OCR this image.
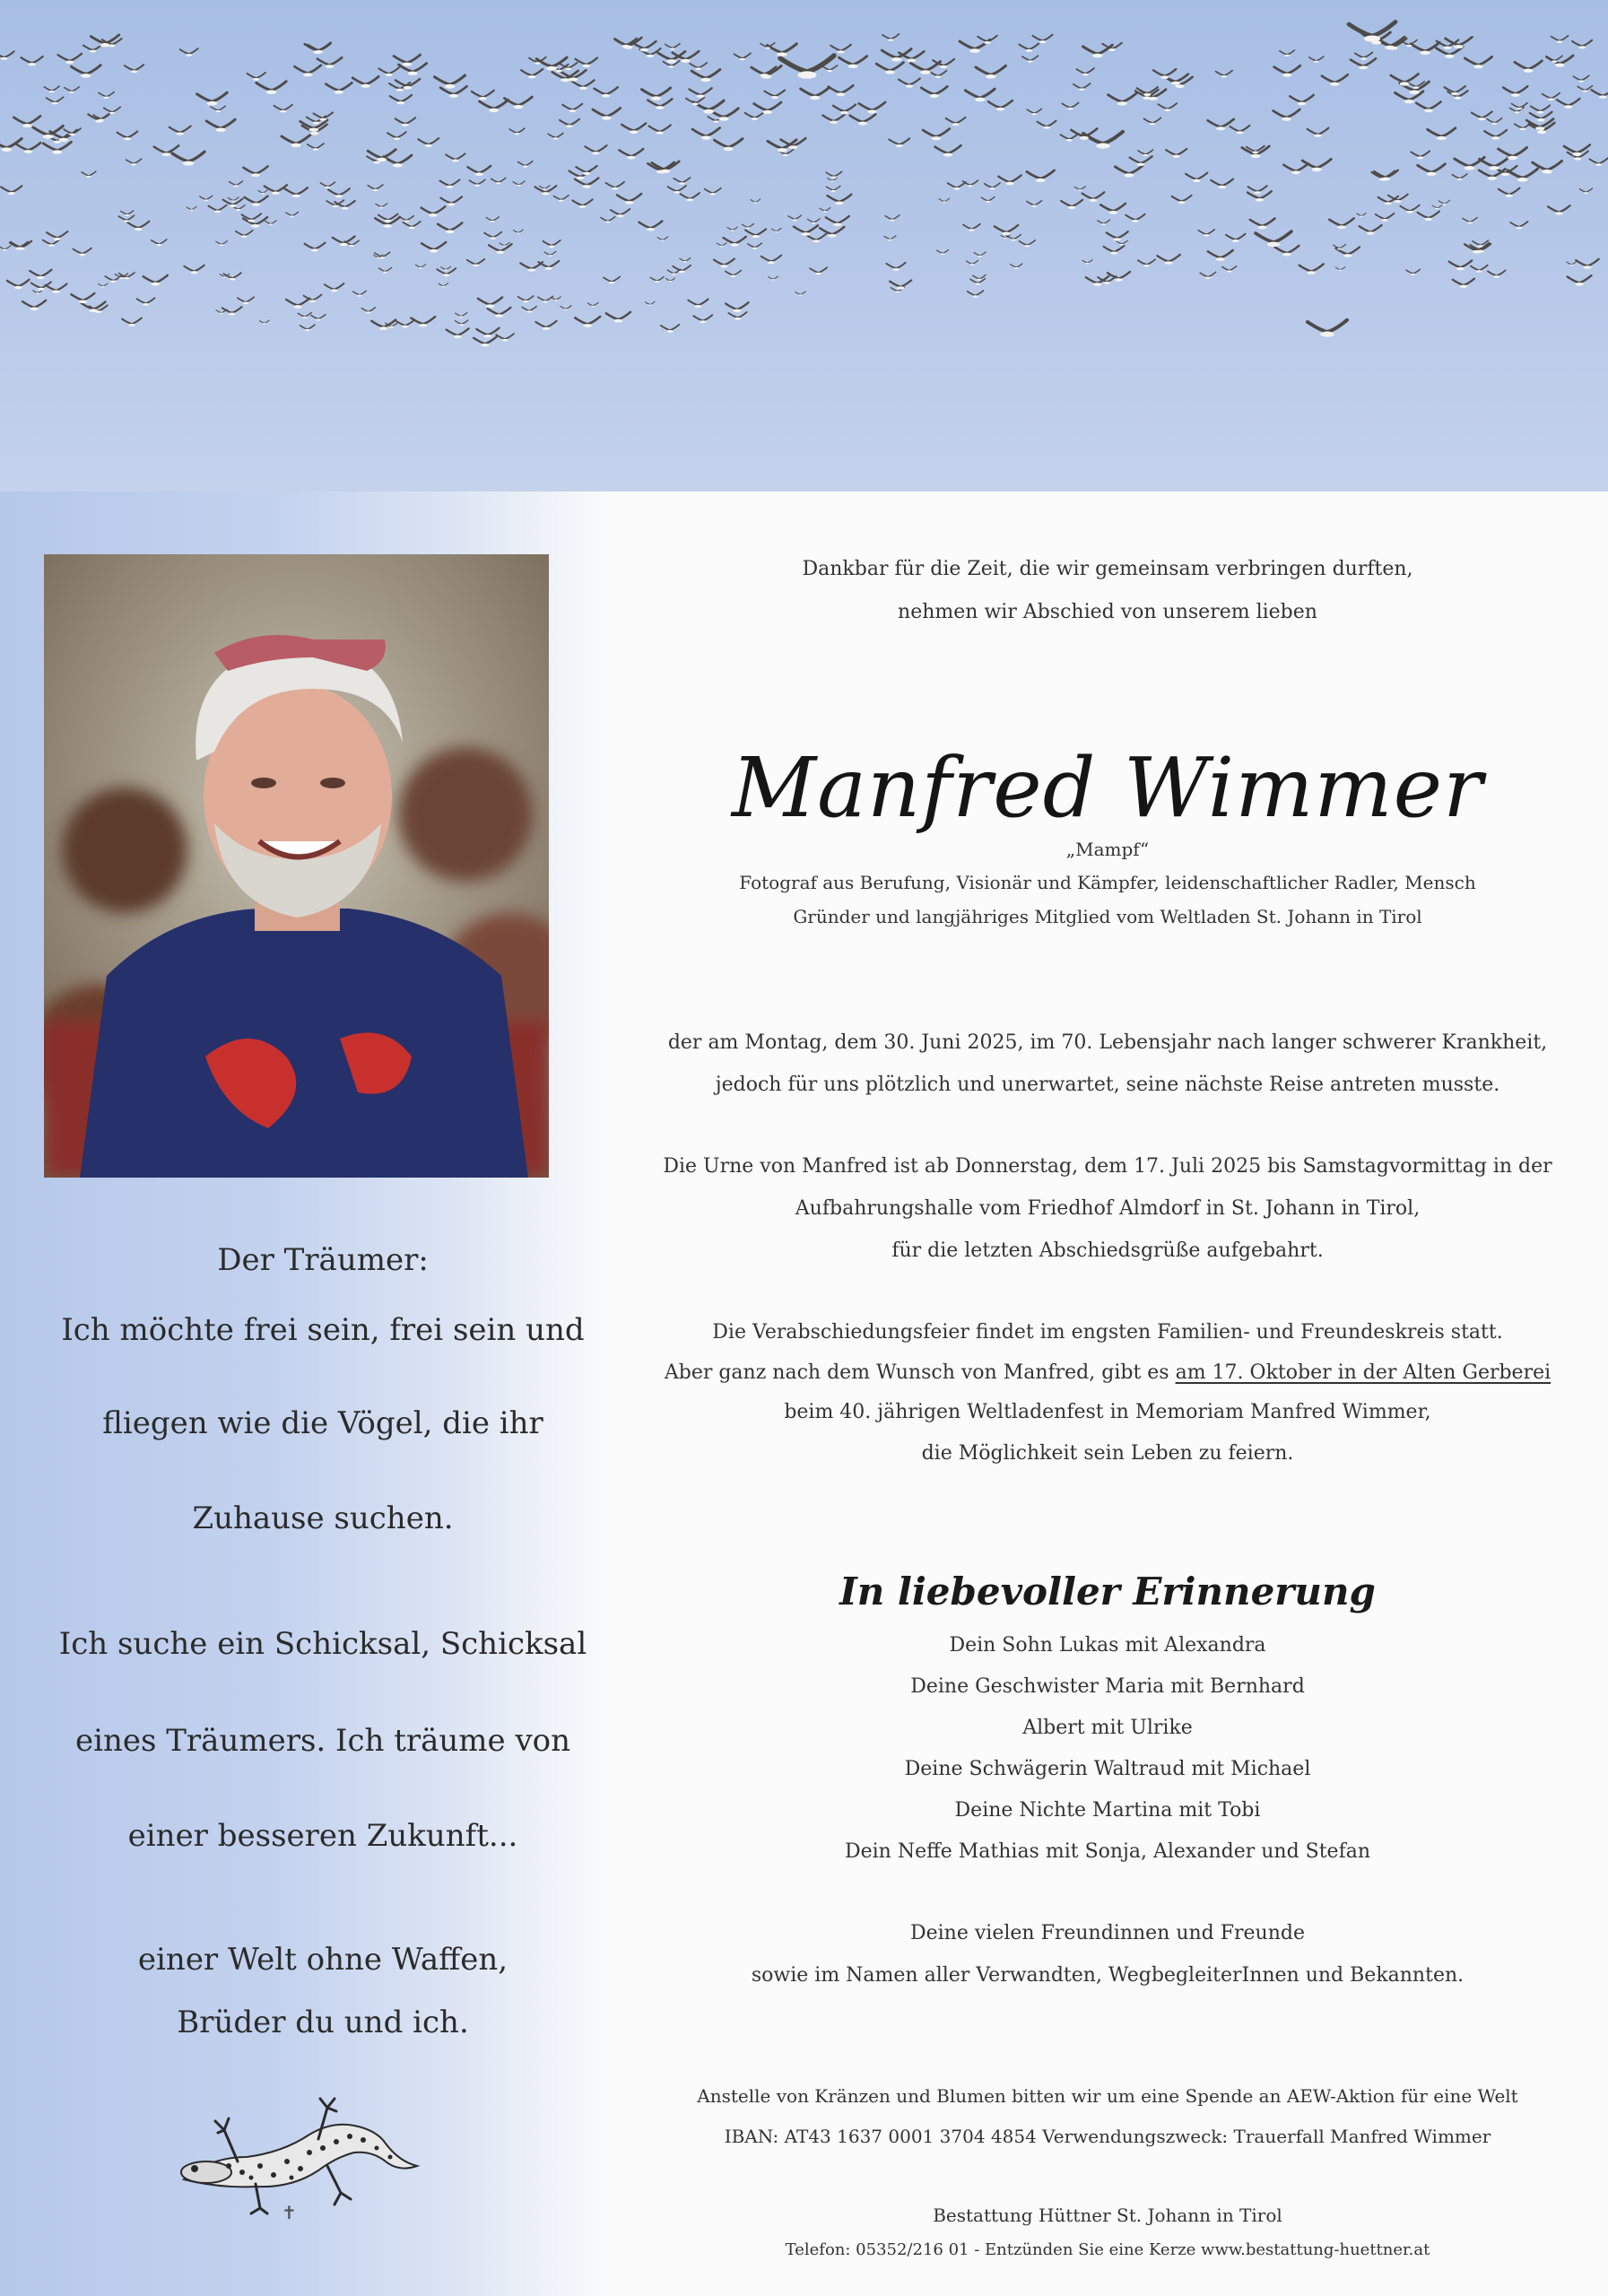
Der Träumer:
Ich möchte frei sein, frei sein und
fliegen wie die Vögel, die ihr
Zuhause suchen.
Ich suche ein Schicksal, Schicksal
eines Träumers. Ich träume von
einer besseren Zukunft...
einer Welt ohne Waffen,
Brüder du und ich.
Dankbar für die Zeit, die wir gemeinsam verbringen durften,
nehmen wir Abschied von unserem lieben
Manfred Wimmer
„Mampf“
Fotograf aus Berufung, Visionär und Kämpfer, leidenschaftlicher Radler, Mensch
Gründer und langjähriges Mitglied vom Weltladen St. Johann in Tirol
der am Montag, dem 30. Juni 2025, im 70. Lebensjahr nach langer schwerer Krankheit,
jedoch für uns plötzlich und unerwartet, seine nächste Reise antreten musste.
Die Urne von Manfred ist ab Donnerstag, dem 17. Juli 2025 bis Samstagvormittag in der
Aufbahrungshalle vom Friedhof Almdorf in St. Johann in Tirol,
für die letzten Abschiedsgrüße aufgebahrt.
Die Verabschiedungsfeier findet im engsten Familien- und Freundeskreis statt.
Aber ganz nach dem Wunsch von Manfred, gibt es am 17. Oktober in der Alten Gerberei
beim 40. jährigen Weltladenfest in Memoriam Manfred Wimmer,
die Möglichkeit sein Leben zu feiern.
In liebevoller Erinnerung
Dein Sohn Lukas mit Alexandra
Deine Geschwister Maria mit Bernhard
Albert mit Ulrike
Deine Schwägerin Waltraud mit Michael
Deine Nichte Martina mit Tobi
Dein Neffe Mathias mit Sonja, Alexander und Stefan
Deine vielen Freundinnen und Freunde
sowie im Namen aller Verwandten, WegbegleiterInnen und Bekannten.
Anstelle von Kränzen und Blumen bitten wir um eine Spende an AEW-Aktion für eine Welt
IBAN: AT43 1637 0001 3704 4854 Verwendungszweck: Trauerfall Manfred Wimmer
Bestattung Hüttner St. Johann in Tirol
Telefon: 05352/216 01 - Entzünden Sie eine Kerze www.bestattung-huettner.at
✝
